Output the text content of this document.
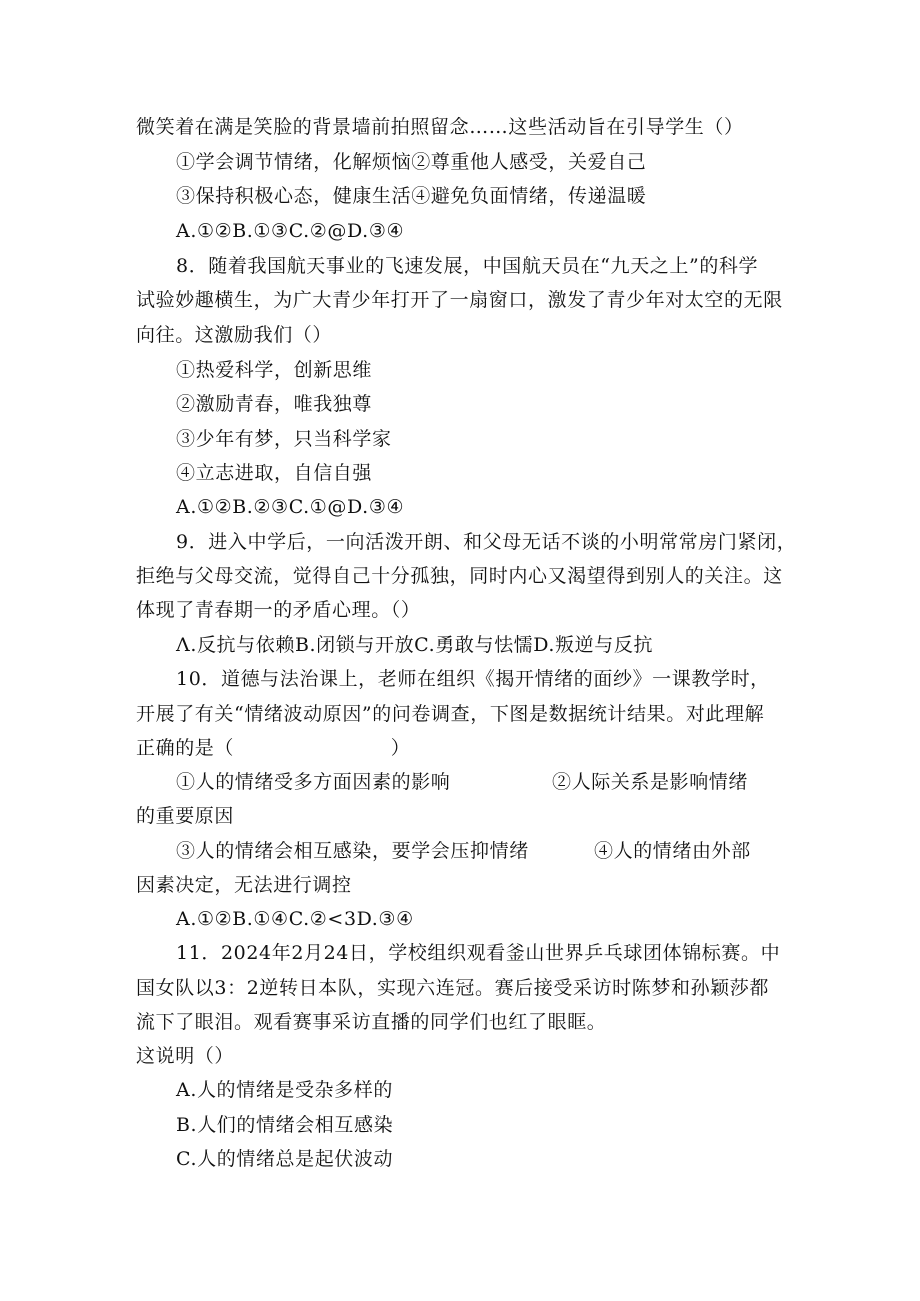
微笑着在满是笑脸的背景墙前拍照留念……这些活动旨在引导学生（）
①学会调节情绪，化解烦恼②尊重他人感受，关爱自己
③保持积极心态，健康生活④避免负面情绪，传递温暖
A.①②B.①③C.②@D.③④
8．随着我国航天事业的飞速发展，中国航天员在“九天之上”的科学
试验妙趣横生，为广大青少年打开了一扇窗口，激发了青少年对太空的无限
向往。这激励我们（）
①热爱科学，创新思维
②激励青春，唯我独尊
③少年有梦，只当科学家
④立志进取，自信自强
A.①②B.②③C.①@D.③④
9．进入中学后，一向活泼开朗、和父母无话不谈的小明常常房门紧闭，
拒绝与父母交流，觉得自己十分孤独，同时内心又渴望得到别人的关注。这
体现了青春期一的矛盾心理。（）
Λ.反抗与依赖B.闭锁与开放C.勇敢与怯懦D.叛逆与反抗
10．道德与法治课上，老师在组织《揭开情绪的面纱》一课教学时，
开展了有关“情绪波动原因”的问卷调查，下图是数据统计结果。对此理解
正确的是（　　　　　　　　）
①人的情绪受多方面因素的影响	②人际关系是影响情绪
的重要原因
③人的情绪会相互感染，要学会压抑情绪	④人的情绪由外部
因素决定，无法进行调控
A.①②B.①④C.②<3D.③④
11．2024年2月24日，学校组织观看釜山世界乒乓球团体锦标赛。中
国女队以3：2逆转日本队，实现六连冠。赛后接受采访时陈梦和孙颖莎都
流下了眼泪。观看赛事采访直播的同学们也红了眼眶。
这说明（）
A.人的情绪是受杂多样的
B.人们的情绪会相互感染
C.人的情绪总是起伏波动
